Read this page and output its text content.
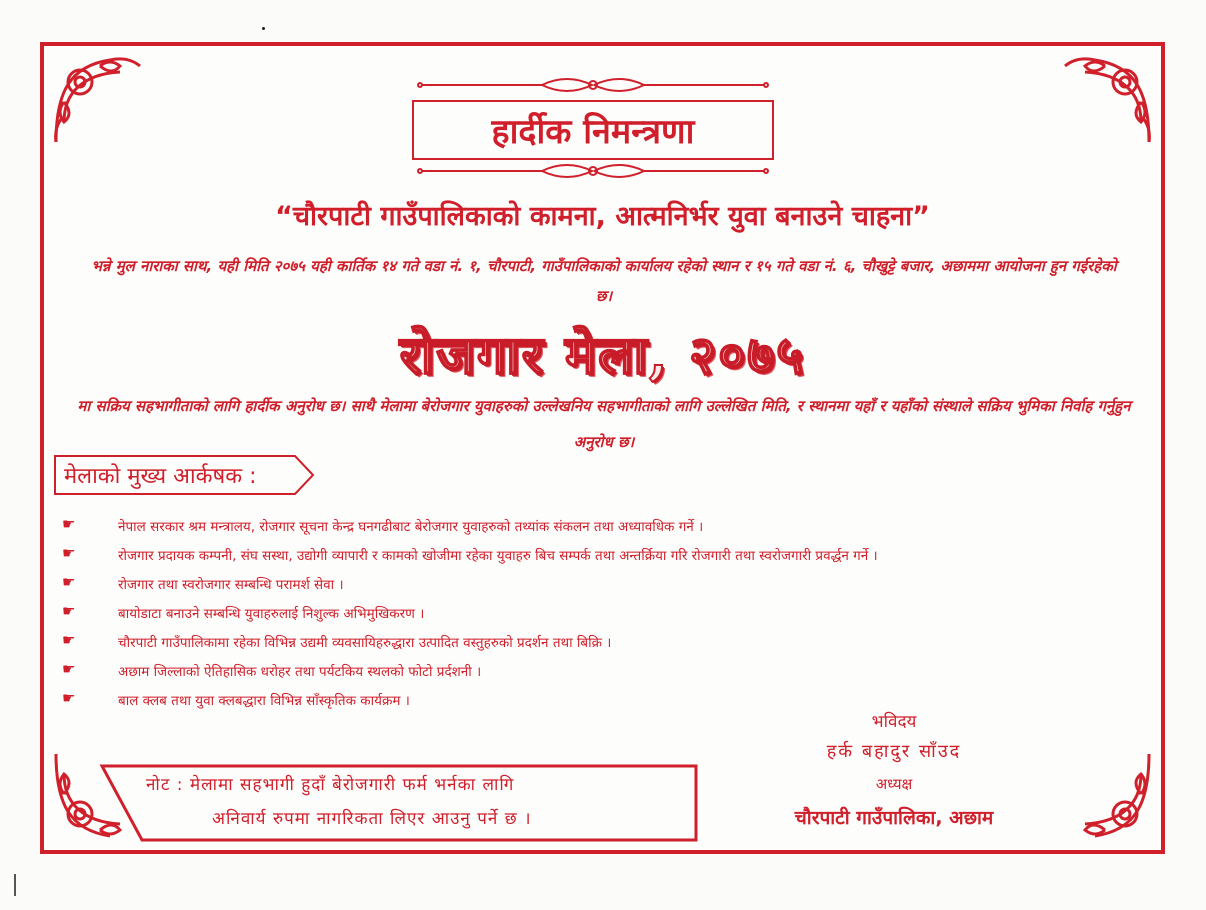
हार्दीक निमन्त्रणा
“चौरपाटी गाउँपालिकाको कामना, आत्मनिर्भर युवा बनाउने चाहना”
भन्ने मुल नाराका साथ, यही मिति २०७५ यही कार्तिक १४ गते वडा नं. १, चौरपाटी, गाउँपालिकाको कार्यालय रहेको स्थान र १५ गते वडा नं. ६, चौखुट्टे बजार, अछाममा आयोजना हुन गईरहेको छ।
रोजगार मेला, २०७५
मा सक्रिय सहभागीताको लागि हार्दीक अनुरोध छ। साथै मेलामा बेरोजगार युवाहरुको उल्लेखनिय सहभागीताको लागि उल्लेखित मिति, र स्थानमा यहाँ र यहाँको संस्थाले सक्रिय भुमिका निर्वाह गर्नुहुन अनुरोध छ।
मेलाको मुख्य आर्कषक :
☛	नेपाल सरकार श्रम मन्त्रालय, रोजगार सूचना केन्द्र घनगढीबाट बेरोजगार युवाहरुको तथ्यांक संकलन तथा अध्यावधिक गर्ने ।
☛	रोजगार प्रदायक कम्पनी, संघ सस्था, उद्योगी व्यापारी र कामको खोजीमा रहेका युवाहरु बिच सम्पर्क तथा अन्तर्क्रिया गरि रोजगारी तथा स्वरोजगारी प्रवर्द्धन गर्ने ।
☛	रोजगार तथा स्वरोजगार सम्बन्धि परामर्श सेवा ।
☛	बायोडाटा बनाउने सम्बन्धि युवाहरुलाई निशुल्क अभिमुखिकरण ।
☛	चौरपाटी गाउँपालिकामा रहेका विभिन्न उद्यमी व्यवसायिहरुद्धारा उत्पादित वस्तुहरुको प्रदर्शन तथा बिक्रि ।
☛	अछाम जिल्लाको ऐतिहासिक धरोहर तथा पर्यटकिय स्थलको फोटो प्रर्दशनी ।
☛	बाल क्लब तथा युवा क्लबद्धारा विभिन्न साँस्कृतिक कार्यक्रम ।
नोट : मेलामा सहभागी हुदाँ बेरोजगारी फर्म भर्नका लागि
अनिवार्य रुपमा नागरिकता लिएर आउनु पर्ने छ ।
भविदय
हर्क बहादुर साँउद
अध्यक्ष
चौरपाटी गाउँपालिका, अछाम
